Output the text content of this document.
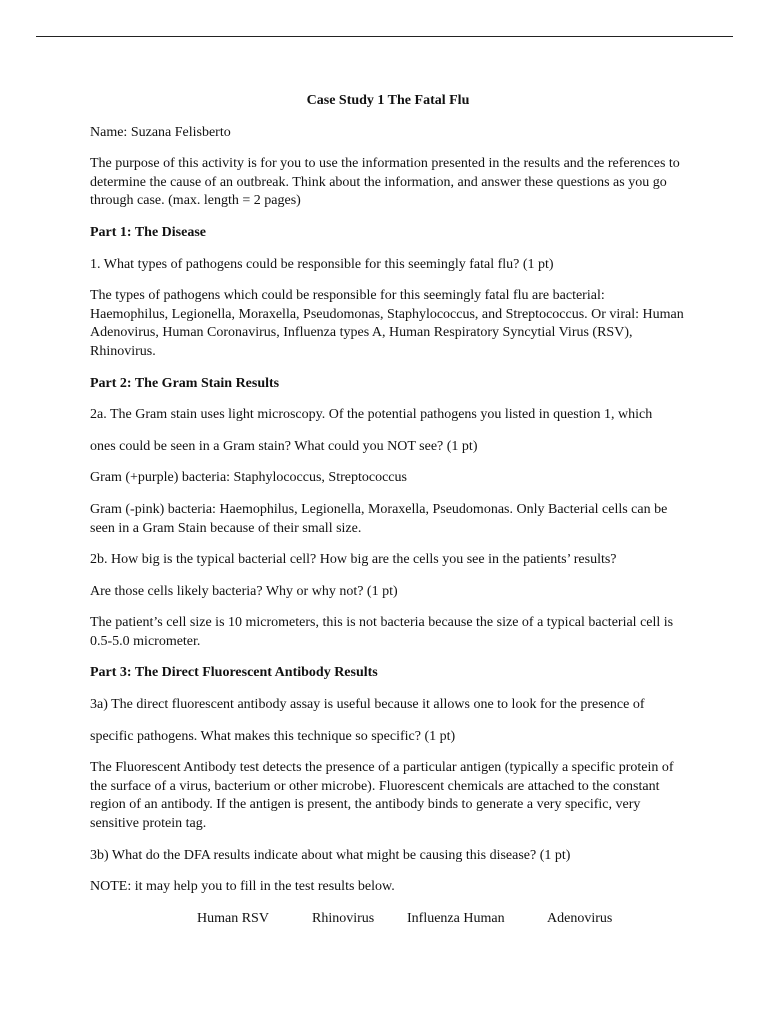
Case Study 1 The Fatal Flu

Name: Suzana Felisberto

The purpose of this activity is for you to use the information presented in the results and the references to determine the cause of an outbreak. Think about the information, and answer these questions as you go through case. (max. length = 2 pages)

Part 1: The Disease

1. What types of pathogens could be responsible for this seemingly fatal flu? (1 pt)

The types of pathogens which could be responsible for this seemingly fatal flu are bacterial: Haemophilus, Legionella, Moraxella, Pseudomonas, Staphylococcus, and Streptococcus. Or viral: Human Adenovirus, Human Coronavirus, Influenza types A, Human Respiratory Syncytial Virus (RSV), Rhinovirus.

Part 2: The Gram Stain Results

2a. The Gram stain uses light microscopy. Of the potential pathogens you listed in question 1, which

ones could be seen in a Gram stain? What could you NOT see? (1 pt)

Gram (+purple) bacteria: Staphylococcus, Streptococcus

Gram (-pink) bacteria: Haemophilus, Legionella, Moraxella, Pseudomonas. Only Bacterial cells can be seen in a Gram Stain because of their small size.

2b. How big is the typical bacterial cell? How big are the cells you see in the patients’ results?

Are those cells likely bacteria? Why or why not? (1 pt)

The patient’s cell size is 10 micrometers, this is not bacteria because the size of a typical bacterial cell is 0.5-5.0 micrometer.

Part 3: The Direct Fluorescent Antibody Results

3a) The direct fluorescent antibody assay is useful because it allows one to look for the presence of

specific pathogens. What makes this technique so specific? (1 pt)

The Fluorescent Antibody test detects the presence of a particular antigen (typically a specific protein of the surface of a virus, bacterium or other microbe). Fluorescent chemicals are attached to the constant region of an antibody. If the antigen is present, the antibody binds to generate a very specific, very sensitive protein tag.

3b) What do the DFA results indicate about what might be causing this disease? (1 pt)

NOTE: it may help you to fill in the test results below.

Human RSV	Rhinovirus	Influenza Human	Adenovirus
